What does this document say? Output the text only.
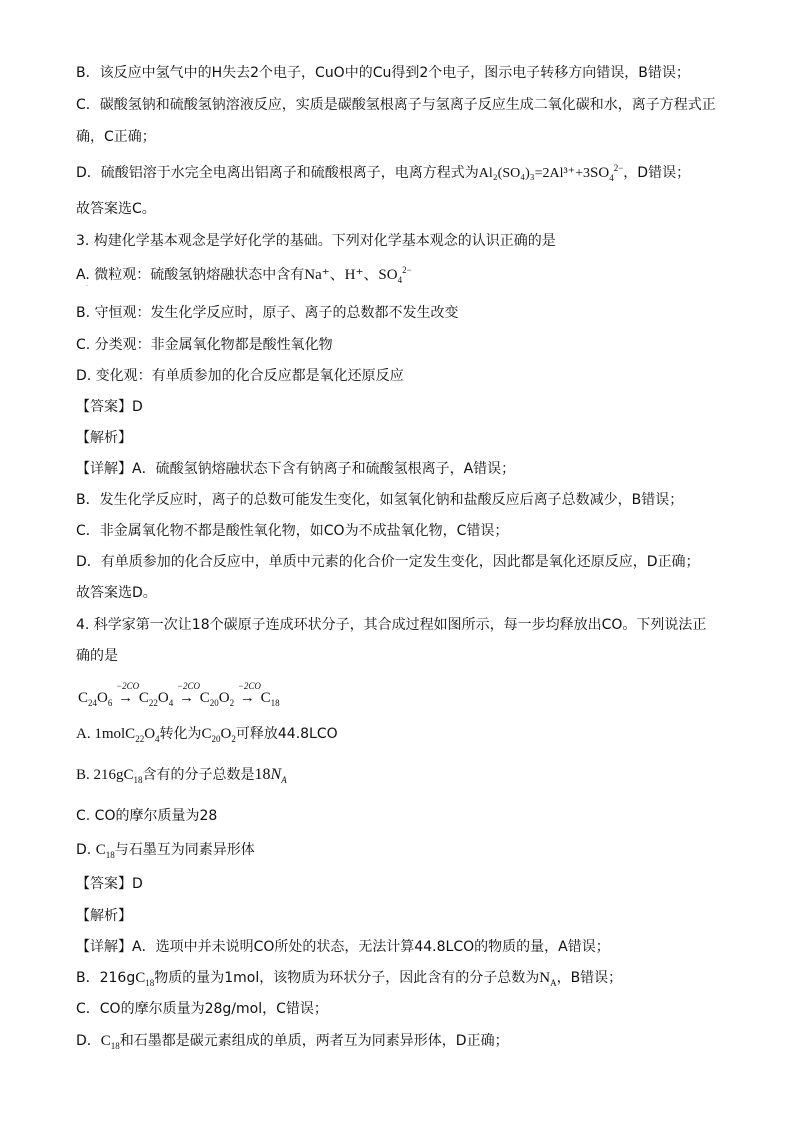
B．该反应中氢气中的H失去2个电子，CuO中的Cu得到2个电子，图示电子转移方向错误，B错误；
C．碳酸氢钠和硫酸氢钠溶液反应，实质是碳酸氢根离子与氢离子反应生成二氧化碳和水，离子方程式正
确，C正确；
D．硫酸铝溶于水完全电离出铝离子和硫酸根离子，电离方程式为$Al_2(SO_4)_3=2Al^{3+}+3SO_4^{2-}$，D错误；
故答案选C。
3. 构建化学基本观念是学好化学的基础。下列对化学基本观念的认识正确的是
A. 微粒观：硫酸氢钠熔融状态中含有Na⁺、H⁺、$SO_4^{2-}$
·
B. 守恒观：发生化学反应时，原子、离子的总数都不发生改变
C. 分类观：非金属氧化物都是酸性氧化物
D. 变化观：有单质参加的化合反应都是氧化还原反应
【答案】D
【解析】
【详解】A．硫酸氢钠熔融状态下含有钠离子和硫酸氢根离子，A错误；
B．发生化学反应时，离子的总数可能发生变化，如氢氧化钠和盐酸反应后离子总数减少，B错误；
C．非金属氧化物不都是酸性氧化物，如CO为不成盐氧化物，C错误；
D．有单质参加的化合反应中，单质中元素的化合价一定发生变化，因此都是氧化还原反应，D正确；
故答案选D。
4. 科学家第一次让18个碳原子连成环状分子，其合成过程如图所示，每一步均释放出CO。下列说法正
确的是
$C_{24}O_6$
−2CO
→ $C_{22}O_4$
−2CO
→ $C_{20}O_2$
−2CO
→ $C_{18}$
A. $1molC_{22}O_4$转化为$C_{20}O_2$可释放44.8LCO
B. $216gC_{18}$含有的分子总数是$18N_A$
C. CO的摩尔质量为28
D. $C_{18}$与石墨互为同素异形体
【答案】D
【解析】
【详解】A．选项中并未说明CO所处的状态，无法计算44.8LCO的物质的量，A错误；
B．$216gC_{18}$物质的量为1mol，该物质为环状分子，因此含有的分子总数为$N_A$，B错误；
C．CO的摩尔质量为28g/mol，C错误；
D．$C_{18}$和石墨都是碳元素组成的单质，两者互为同素异形体，D正确；
